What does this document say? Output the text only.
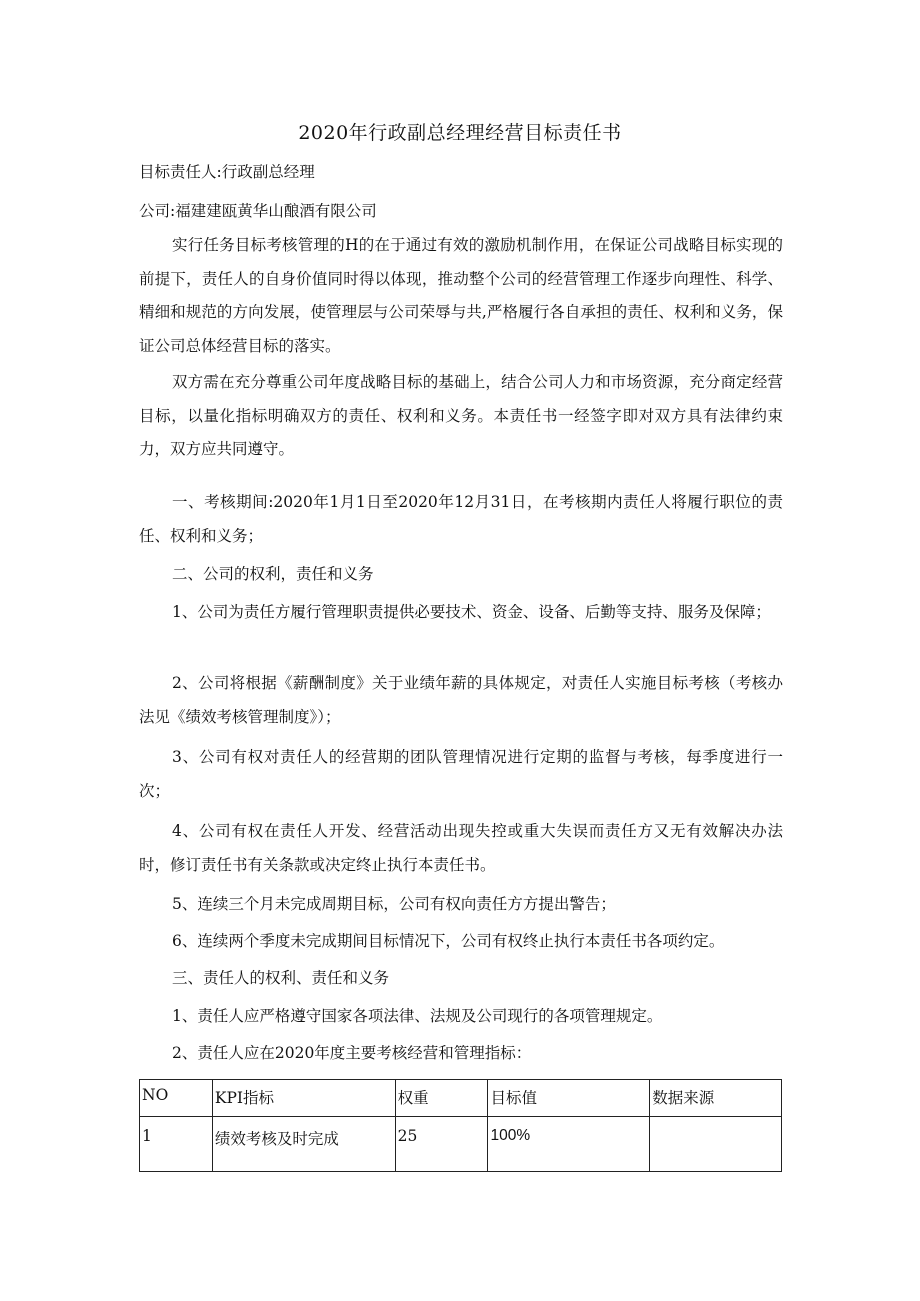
2020年行政副总经理经营目标责任书

目标责任人:行政副总经理

公司:福建建瓯黄华山酿酒有限公司

实行任务目标考核管理的H的在于通过有效的激励机制作用，在保证公司战略目标实现的前提下，责任人的自身价值同时得以体现，推动整个公司的经营管理工作逐步向理性、科学、精细和规范的方向发展，使管理层与公司荣辱与共,严格履行各自承担的责任、权利和义务，保证公司总体经营目标的落实。

双方需在充分尊重公司年度战略目标的基础上，结合公司人力和市场资源，充分商定经营目标，以量化指标明确双方的责任、权利和义务。本责任书一经签字即对双方具有法律约束力，双方应共同遵守。

一、考核期间:2020年1月1日至2020年12月31日，在考核期内责任人将履行职位的责任、权利和义务；

二、公司的权利，责任和义务

1、公司为责任方履行管理职责提供必要技术、资金、设备、后勤等支持、服务及保障；

2、公司将根据《薪酬制度》关于业绩年薪的具体规定，对责任人实施目标考核（考核办法见《绩效考核管理制度》）；

3、公司有权对责任人的经营期的团队管理情况进行定期的监督与考核，每季度进行一次；

4、公司有权在责任人开发、经营活动出现失控或重大失误而责任方又无有效解决办法时，修订责任书有关条款或决定终止执行本责任书。

5、连续三个月未完成周期目标，公司有权向责任方方提出警告；

6、连续两个季度未完成期间目标情况下，公司有权终止执行本责任书各项约定。

三、责任人的权利、责任和义务

1、责任人应严格遵守国家各项法律、法规及公司现行的各项管理规定。

2、责任人应在2020年度主要考核经营和管理指标：

NO	KPI指标	权重	目标值	数据来源
1	绩效考核及时完成	25	100%	
